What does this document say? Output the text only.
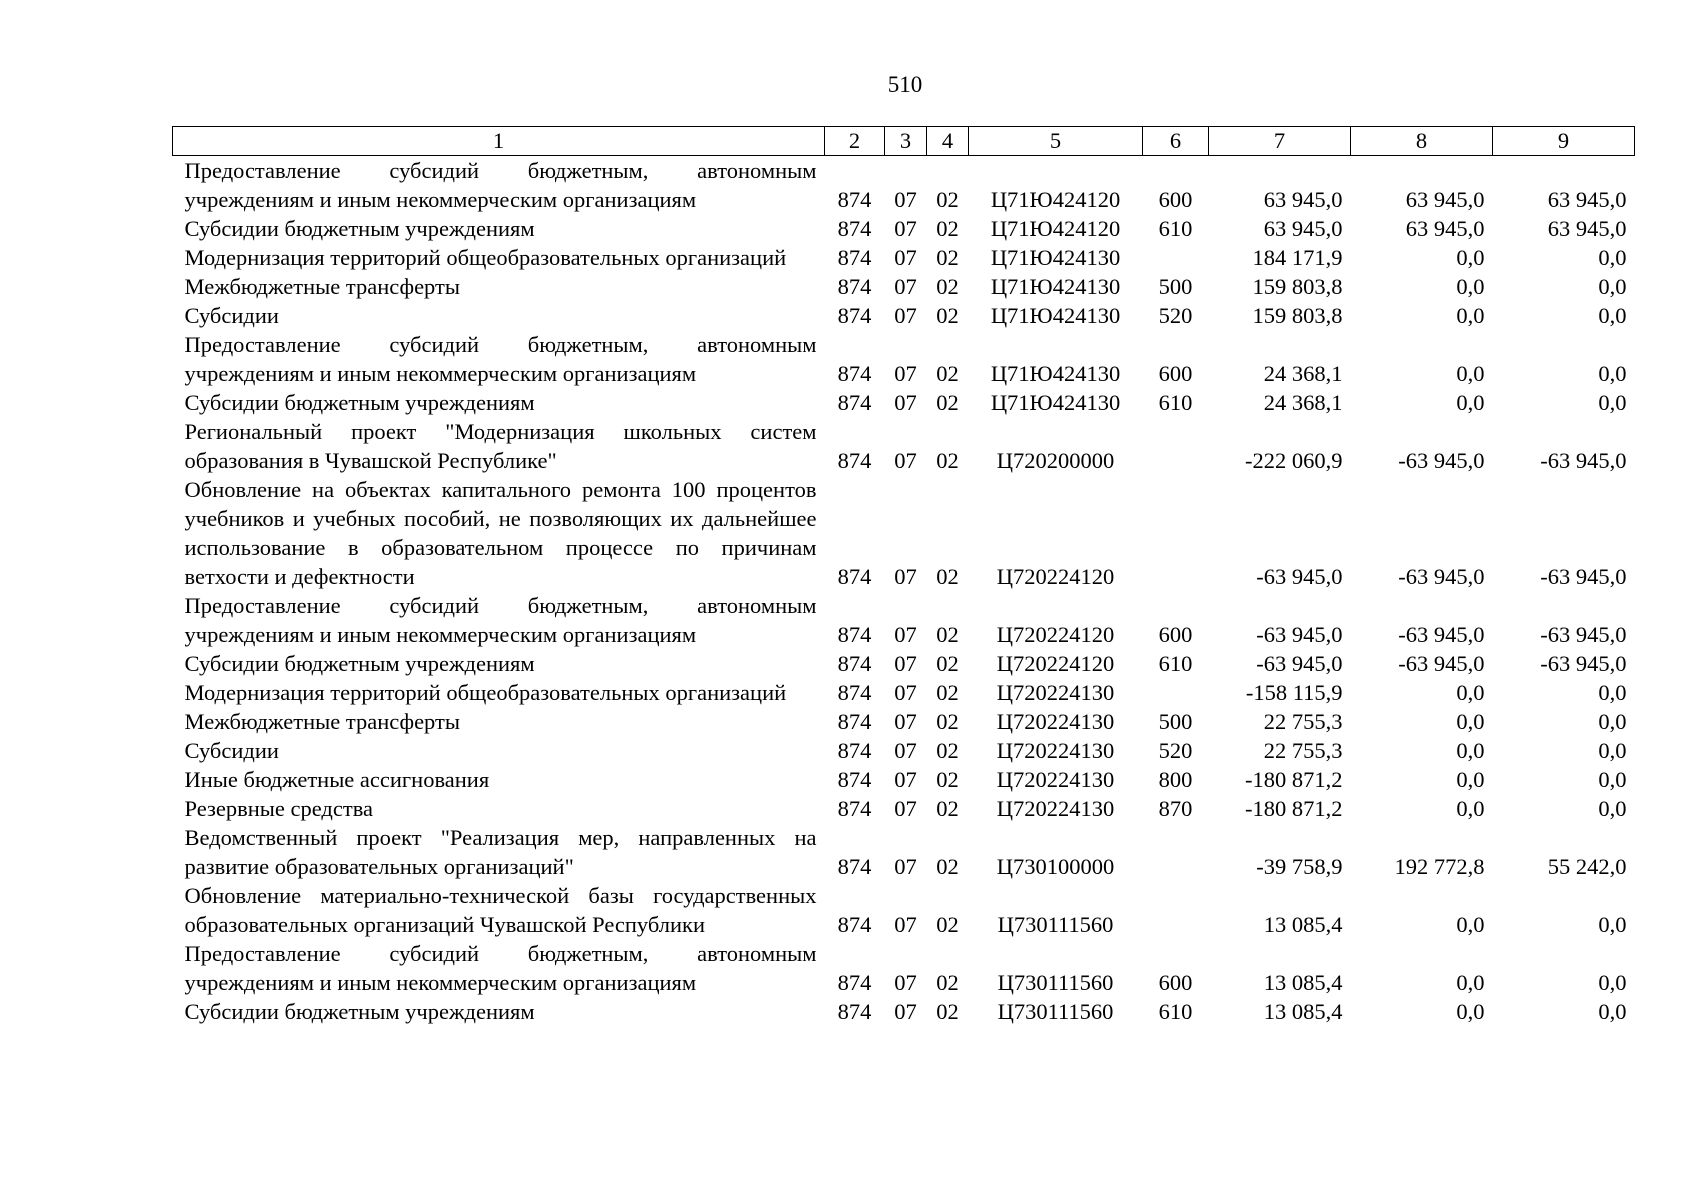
510
1	2	3	4	5	6	7	8	9
Предоставление субсидий бюджетным, автономным учреждениям и иным некоммерческим организациям	874	07	02	Ц71Ю424120	600	63 945,0	63 945,0	63 945,0
Субсидии бюджетным учреждениям	874	07	02	Ц71Ю424120	610	63 945,0	63 945,0	63 945,0
Модернизация территорий общеобразовательных организаций	874	07	02	Ц71Ю424130		184 171,9	0,0	0,0
Межбюджетные трансферты	874	07	02	Ц71Ю424130	500	159 803,8	0,0	0,0
Субсидии	874	07	02	Ц71Ю424130	520	159 803,8	0,0	0,0
Предоставление субсидий бюджетным, автономным учреждениям и иным некоммерческим организациям	874	07	02	Ц71Ю424130	600	24 368,1	0,0	0,0
Субсидии бюджетным учреждениям	874	07	02	Ц71Ю424130	610	24 368,1	0,0	0,0
Региональный проект "Модернизация школьных систем образования в Чувашской Республике"	874	07	02	Ц720200000		-222 060,9	-63 945,0	-63 945,0
Обновление на объектах капитального ремонта 100 процентов учебников и учебных пособий, не позволяющих их дальнейшее использование в образовательном процессе по причинам ветхости и дефектности	874	07	02	Ц720224120		-63 945,0	-63 945,0	-63 945,0
Предоставление субсидий бюджетным, автономным учреждениям и иным некоммерческим организациям	874	07	02	Ц720224120	600	-63 945,0	-63 945,0	-63 945,0
Субсидии бюджетным учреждениям	874	07	02	Ц720224120	610	-63 945,0	-63 945,0	-63 945,0
Модернизация территорий общеобразовательных организаций	874	07	02	Ц720224130		-158 115,9	0,0	0,0
Межбюджетные трансферты	874	07	02	Ц720224130	500	22 755,3	0,0	0,0
Субсидии	874	07	02	Ц720224130	520	22 755,3	0,0	0,0
Иные бюджетные ассигнования	874	07	02	Ц720224130	800	-180 871,2	0,0	0,0
Резервные средства	874	07	02	Ц720224130	870	-180 871,2	0,0	0,0
Ведомственный проект "Реализация мер, направленных на развитие образовательных организаций"	874	07	02	Ц730100000		-39 758,9	192 772,8	55 242,0
Обновление материально-технической базы государственных образовательных организаций Чувашской Республики	874	07	02	Ц730111560		13 085,4	0,0	0,0
Предоставление субсидий бюджетным, автономным учреждениям и иным некоммерческим организациям	874	07	02	Ц730111560	600	13 085,4	0,0	0,0
Субсидии бюджетным учреждениям	874	07	02	Ц730111560	610	13 085,4	0,0	0,0
